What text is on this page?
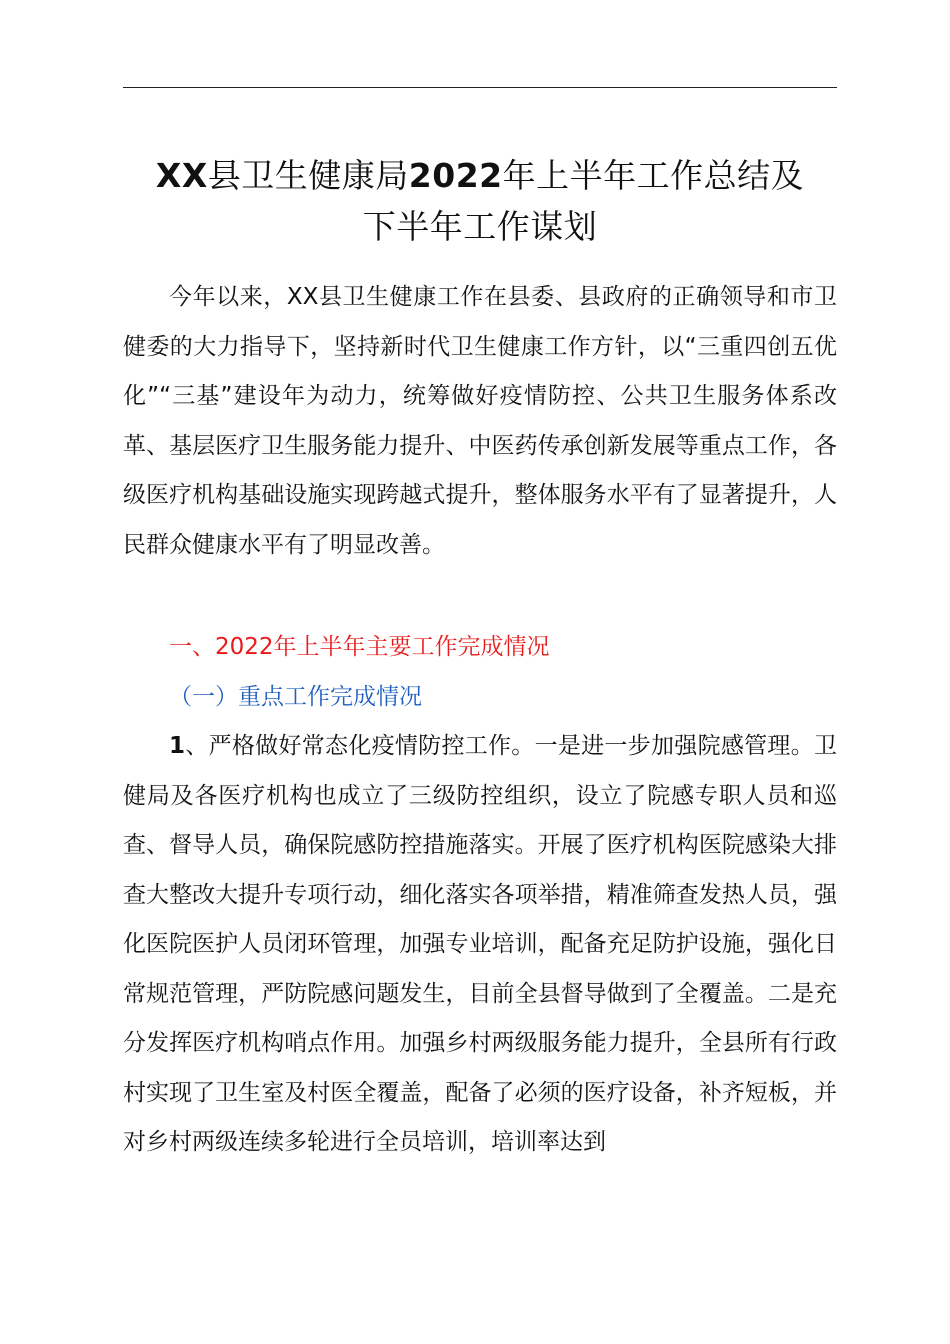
XX县卫生健康局2022年上半年工作总结及
下半年工作谋划

今年以来，XX县卫生健康工作在县委、县政府的正确领导和市卫健委的大力指导下，坚持新时代卫生健康工作方针，以“三重四创五优化”“三基”建设年为动力，统筹做好疫情防控、公共卫生服务体系改革、基层医疗卫生服务能力提升、中医药传承创新发展等重点工作，各级医疗机构基础设施实现跨越式提升，整体服务水平有了显著提升，人民群众健康水平有了明显改善。

一、2022年上半年主要工作完成情况
（一）重点工作完成情况

1、严格做好常态化疫情防控工作。一是进一步加强院感管理。卫健局及各医疗机构也成立了三级防控组织，设立了院感专职人员和巡查、督导人员，确保院感防控措施落实。开展了医疗机构医院感染大排查大整改大提升专项行动，细化落实各项举措，精准筛查发热人员，强化医院医护人员闭环管理，加强专业培训，配备充足防护设施，强化日常规范管理，严防院感问题发生，目前全县督导做到了全覆盖。二是充分发挥医疗机构哨点作用。加强乡村两级服务能力提升，全县所有行政村实现了卫生室及村医全覆盖，配备了必须的医疗设备，补齐短板，并对乡村两级连续多轮进行全员培训，培训率达到
